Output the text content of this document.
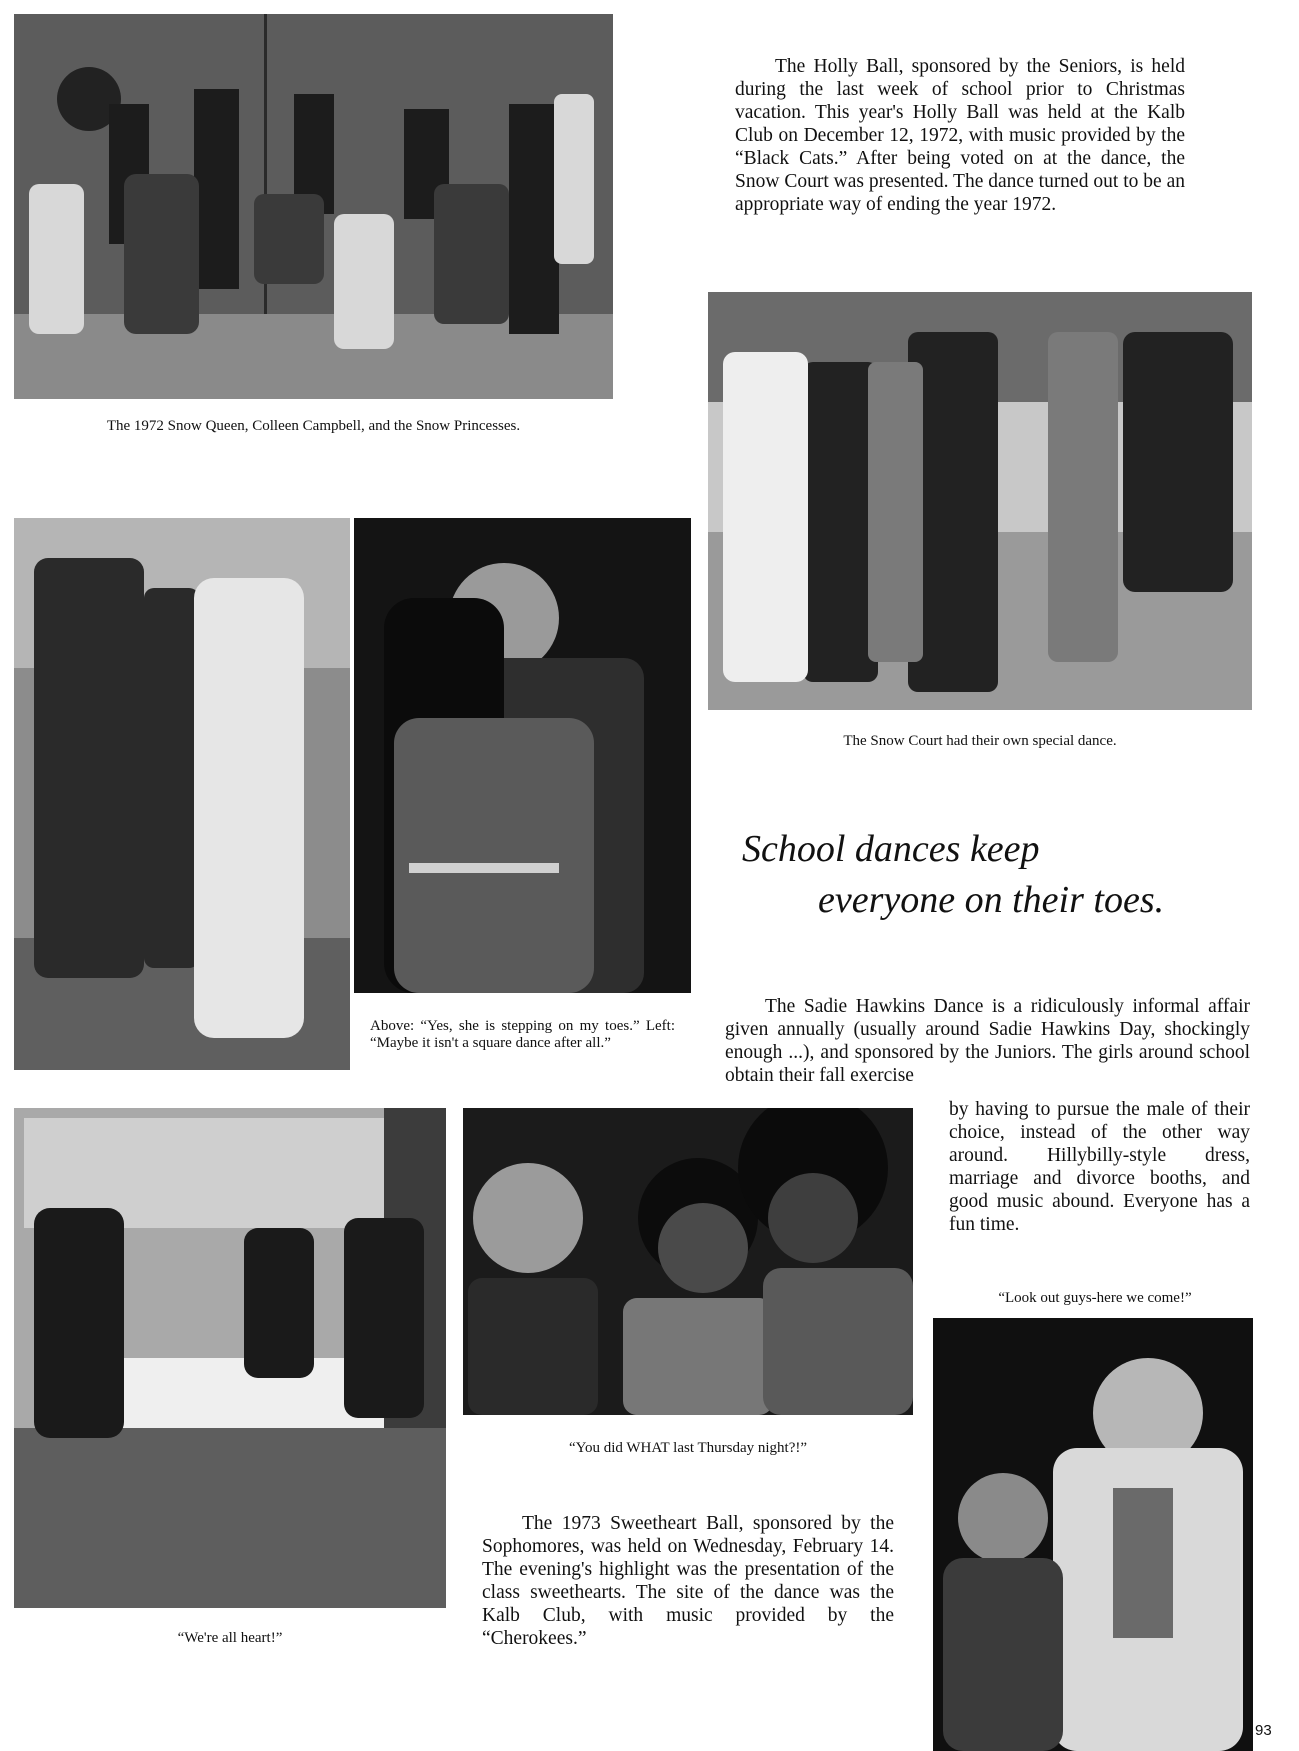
The 1972 Snow Queen, Colleen Campbell, and the Snow Princesses.

The Holly Ball, sponsored by the Seniors, is held during the last week of school prior to Christmas vacation. This year's Holly Ball was held at the Kalb Club on December 12, 1972, with music provided by the “Black Cats.” After being voted on at the dance, the Snow Court was presented. The dance turned out to be an appropriate way of ending the year 1972.

The Snow Court had their own special dance.
Above: “Yes, she is stepping on my toes.” Left: “Maybe it isn't a square dance after all.”
School dances keep
everyone on their toes.

The Sadie Hawkins Dance is a ridiculously informal affair given annually (usually around Sadie Hawkins Day, shockingly enough ...), and sponsored by the Juniors. The girls around school obtain their fall exercise

by having to pursue the male of their choice, instead of the other way around. Hillybilly-style dress, marriage and divorce booths, and good music abound. Everyone has a fun time.

“Look out guys-here we come!”
“We're all heart!”
“You did WHAT last Thursday night?!”

The 1973 Sweetheart Ball, sponsored by the Sophomores, was held on Wednesday, February 14. The evening's highlight was the presentation of the class sweethearts. The site of the dance was the Kalb Club, with music provided by the “Cherokees.”

93
